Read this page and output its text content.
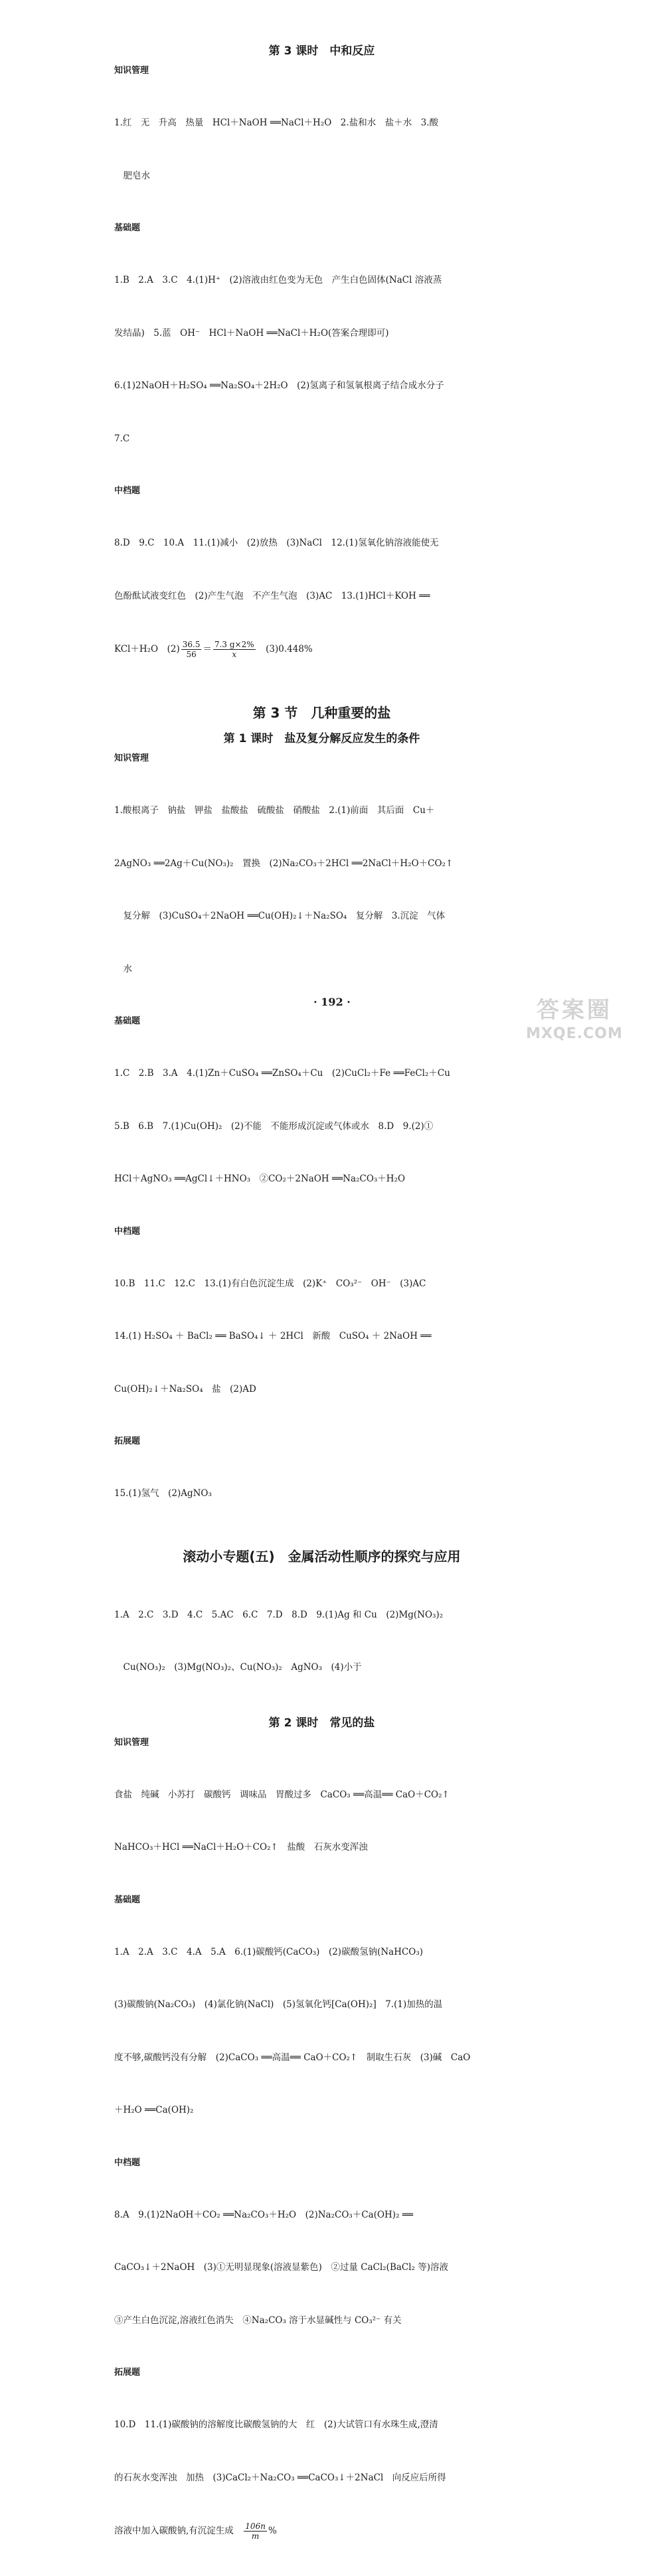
第 3 课时　中和反应
知识管理

1.红　无　升高　热量　HCl＋NaOH ══NaCl＋H₂O　2.盐和水　盐＋水　3.酸

　肥皂水

基础题

1.B　2.A　3.C　4.(1)H⁺　(2)溶液由红色变为无色　产生白色固体(NaCl 溶液蒸

发结晶)　5.蓝　OH⁻　HCl＋NaOH ══NaCl＋H₂O(答案合理即可)

6.(1)2NaOH＋H₂SO₄ ══Na₂SO₄＋2H₂O　(2)氢离子和氢氧根离子结合成水分子

7.C

中档题

8.D　9.C　10.A　11.(1)减小　(2)放热　(3)NaCl　12.(1)氢氧化钠溶液能使无

色酚酞试液变红色　(2)产生气泡　不产生气泡　(3)AC　13.(1)HCl＋KOH ══

KCl＋H₂O　$(2) \frac{36.5}{56} = \frac{7.3 g\times 2\%}{x}$ 　(3)0.448%

第 3 节　几种重要的盐
第 1 课时　盐及复分解反应发生的条件
知识管理

1.酸根离子　钠盐　钾盐　盐酸盐　硫酸盐　硝酸盐　2.(1)前面　其后面　Cu＋

2AgNO₃ ══2Ag＋Cu(NO₃)₂　置换　(2)Na₂CO₃＋2HCl ══2NaCl＋H₂O＋CO₂↑

　复分解　(3)CuSO₄＋2NaOH ══Cu(OH)₂↓＋Na₂SO₄　复分解　3.沉淀　气体

　水

基础题

1.C　2.B　3.A　4.(1)Zn＋CuSO₄ ══ZnSO₄＋Cu　(2)CuCl₂＋Fe ══FeCl₂＋Cu

5.B　6.B　7.(1)Cu(OH)₂　(2)不能　不能形成沉淀或气体或水　8.D　9.(2)①

HCl＋AgNO₃ ══AgCl↓＋HNO₃　②CO₂＋2NaOH ══Na₂CO₃＋H₂O

中档题

10.B　11.C　12.C　13.(1)有白色沉淀生成　(2)K⁺　CO₃²⁻　OH⁻　(3)AC

14.(1) H₂SO₄ ＋ BaCl₂ ══ BaSO₄↓ ＋ 2HCl　新酸　CuSO₄ ＋ 2NaOH ══

Cu(OH)₂↓＋Na₂SO₄　盐　(2)AD

拓展题

15.(1)氢气　(2)AgNO₃

滚动小专题(五)　金属活动性顺序的探究与应用

1.A　2.C　3.D　4.C　5.AC　6.C　7.D　8.D　9.(1)Ag 和 Cu　(2)Mg(NO₃)₂

　Cu(NO₃)₂　(3)Mg(NO₃)₂、Cu(NO₃)₂　AgNO₃　(4)小于

第 2 课时　常见的盐
知识管理

食盐　纯碱　小苏打　碳酸钙　调味品　胃酸过多　CaCO₃ ══高温══ CaO＋CO₂↑

NaHCO₃＋HCl ══NaCl＋H₂O＋CO₂↑　盐酸　石灰水变浑浊

基础题

1.A　2.A　3.C　4.A　5.A　6.(1)碳酸钙(CaCO₃)　(2)碳酸氢钠(NaHCO₃)

(3)碳酸钠(Na₂CO₃)　(4)氯化钠(NaCl)　(5)氢氧化钙[Ca(OH)₂]　7.(1)加热的温

度不够,碳酸钙没有分解　(2)CaCO₃ ══高温══ CaO＋CO₂↑　制取生石灰　(3)碱　CaO

＋H₂O ══Ca(OH)₂

中档题

8.A　9.(1)2NaOH＋CO₂ ══Na₂CO₃＋H₂O　(2)Na₂CO₃＋Ca(OH)₂ ══

CaCO₃↓＋2NaOH　(3)①无明显现象(溶液显紫色)　②过量 CaCl₂(BaCl₂ 等)溶液

③产生白色沉淀,溶液红色消失　④Na₂CO₃ 溶于水显碱性与 CO₃²⁻ 有关

拓展题

10.D　11.(1)碳酸钠的溶解度比碳酸氢钠的大　红　(2)大试管口有水珠生成,澄清

的石灰水变浑浊　加热　(3)CaCl₂＋Na₂CO₃ ══CaCO₃↓＋2NaCl　向反应后所得

溶液中加入碳酸钠,有沉淀生成　 $\frac{106n}{m}$ %

· 192 ·	答案圈
MXQE.COM
